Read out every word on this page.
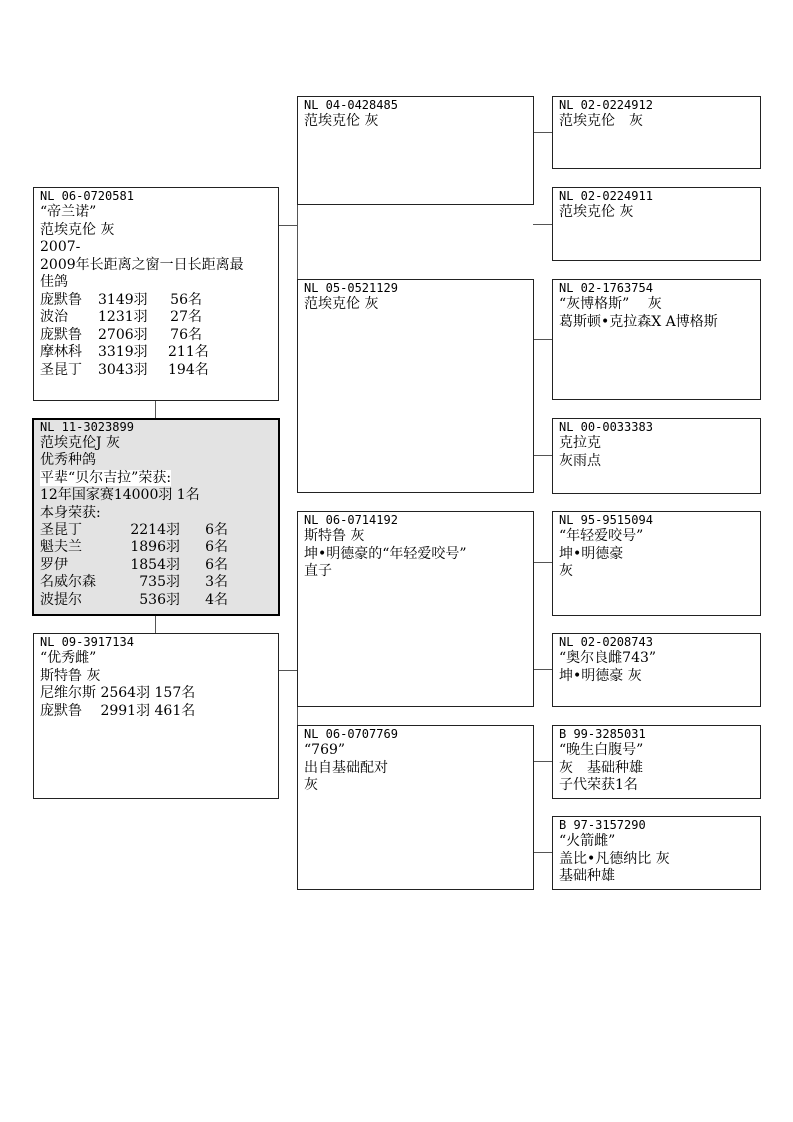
NL 06-0720581
“帝兰诺”
范埃克伦 灰
2007-
2009年长距离之窗一日长距离最
佳鸽
庞默鲁 3149羽 56名
波治 1231羽 27名
庞默鲁 2706羽 76名
摩林科 3319羽 211名
圣昆丁 3043羽 194名
NL 11-3023899
范埃克伦J 灰
优秀种鸽
平辈“贝尔吉拉”荣获:
12年国家赛14000羽 1名
本身荣获:
圣昆丁	2214羽 6名
魁夫兰	1896羽 6名
罗伊	1854羽 6名
名威尔森	735羽 3名
波提尔	536羽 4名
NL 09-3917134
“优秀雌”
斯特鲁 灰
尼维尔斯 2564羽 157名
庞默鲁　 2991羽 461名
NL 04-0428485
范埃克伦 灰
NL 05-0521129
范埃克伦 灰
NL 06-0714192
斯特鲁 灰
坤•明德豪的“年轻爱咬号”
直子
NL 06-0707769
“769”
出自基础配对
灰
NL 02-0224912
范埃克伦　灰
NL 02-0224911
范埃克伦 灰
NL 02-1763754
“灰博格斯”　 灰
葛斯顿•克拉森X A博格斯
NL 00-0033383
克拉克
灰雨点
NL 95-9515094
“年轻爱咬号”
坤•明德豪
灰
NL 02-0208743
“奥尔良雌743”
坤•明德豪 灰
B 99-3285031
“晚生白腹号”
灰　基础种雄
子代荣获1名
B 97-3157290
“火箭雌”
盖比•凡德纳比 灰
基础种雄
